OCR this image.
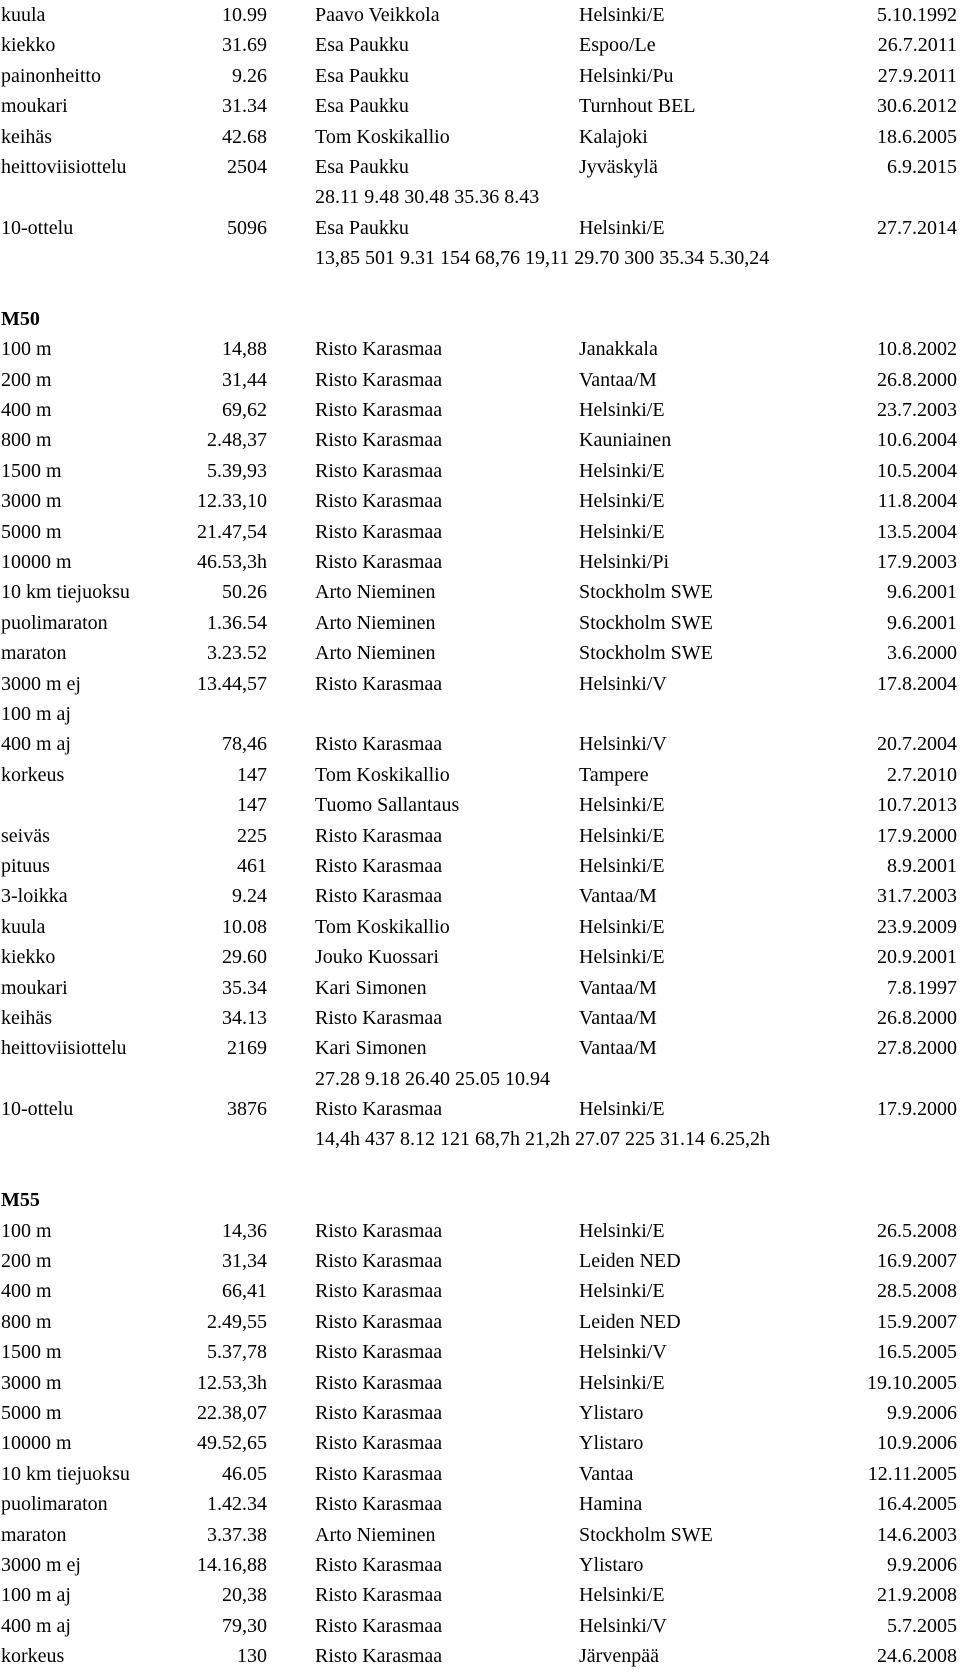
kuula	10.99 Paavo Veikkola	Helsinki/E	5.10.1992
kiekko	31.69 Esa Paukku	Espoo/Le	26.7.2011
painonheitto	9.26 Esa Paukku	Helsinki/Pu	27.9.2011
moukari	31.34 Esa Paukku	Turnhout BEL	30.6.2012
keihäs	42.68 Tom Koskikallio	Kalajoki	18.6.2005
heittoviisiottelu	2504 Esa Paukku	Jyväskylä	6.9.2015
28.11 9.48 30.48 35.36 8.43
10-ottelu	5096 Esa Paukku	Helsinki/E	27.7.2014
13,85 501 9.31 154 68,76 19,11 29.70 300 35.34 5.30,24
M50
100 m	14,88 Risto Karasmaa	Janakkala	10.8.2002
200 m	31,44 Risto Karasmaa	Vantaa/M	26.8.2000
400 m	69,62 Risto Karasmaa	Helsinki/E	23.7.2003
800 m	2.48,37 Risto Karasmaa	Kauniainen	10.6.2004
1500 m	5.39,93 Risto Karasmaa	Helsinki/E	10.5.2004
3000 m	12.33,10 Risto Karasmaa	Helsinki/E	11.8.2004
5000 m	21.47,54 Risto Karasmaa	Helsinki/E	13.5.2004
10000 m	46.53,3h Risto Karasmaa	Helsinki/Pi	17.9.2003
10 km tiejuoksu	50.26 Arto Nieminen	Stockholm SWE	9.6.2001
puolimaraton	1.36.54 Arto Nieminen	Stockholm SWE	9.6.2001
maraton	3.23.52 Arto Nieminen	Stockholm SWE	3.6.2000
3000 m ej	13.44,57 Risto Karasmaa	Helsinki/V	17.8.2004
100 m aj
400 m aj	78,46 Risto Karasmaa	Helsinki/V	20.7.2004
korkeus	147 Tom Koskikallio	Tampere	2.7.2010
147 Tuomo Sallantaus	Helsinki/E	10.7.2013
seiväs	225 Risto Karasmaa	Helsinki/E	17.9.2000
pituus	461 Risto Karasmaa	Helsinki/E	8.9.2001
3-loikka	9.24 Risto Karasmaa	Vantaa/M	31.7.2003
kuula	10.08 Tom Koskikallio	Helsinki/E	23.9.2009
kiekko	29.60 Jouko Kuossari	Helsinki/E	20.9.2001
moukari	35.34 Kari Simonen	Vantaa/M	7.8.1997
keihäs	34.13 Risto Karasmaa	Vantaa/M	26.8.2000
heittoviisiottelu	2169 Kari Simonen	Vantaa/M	27.8.2000
27.28 9.18 26.40 25.05 10.94
10-ottelu	3876 Risto Karasmaa	Helsinki/E	17.9.2000
14,4h 437 8.12 121 68,7h 21,2h 27.07 225 31.14 6.25,2h
M55
100 m	14,36 Risto Karasmaa	Helsinki/E	26.5.2008
200 m	31,34 Risto Karasmaa	Leiden NED	16.9.2007
400 m	66,41 Risto Karasmaa	Helsinki/E	28.5.2008
800 m	2.49,55 Risto Karasmaa	Leiden NED	15.9.2007
1500 m	5.37,78 Risto Karasmaa	Helsinki/V	16.5.2005
3000 m	12.53,3h Risto Karasmaa	Helsinki/E	19.10.2005
5000 m	22.38,07 Risto Karasmaa	Ylistaro	9.9.2006
10000 m	49.52,65 Risto Karasmaa	Ylistaro	10.9.2006
10 km tiejuoksu	46.05 Risto Karasmaa	Vantaa	12.11.2005
puolimaraton	1.42.34 Risto Karasmaa	Hamina	16.4.2005
maraton	3.37.38 Arto Nieminen	Stockholm SWE	14.6.2003
3000 m ej	14.16,88 Risto Karasmaa	Ylistaro	9.9.2006
100 m aj	20,38 Risto Karasmaa	Helsinki/E	21.9.2008
400 m aj	79,30 Risto Karasmaa	Helsinki/V	5.7.2005
korkeus	130 Risto Karasmaa	Järvenpää	24.6.2008
